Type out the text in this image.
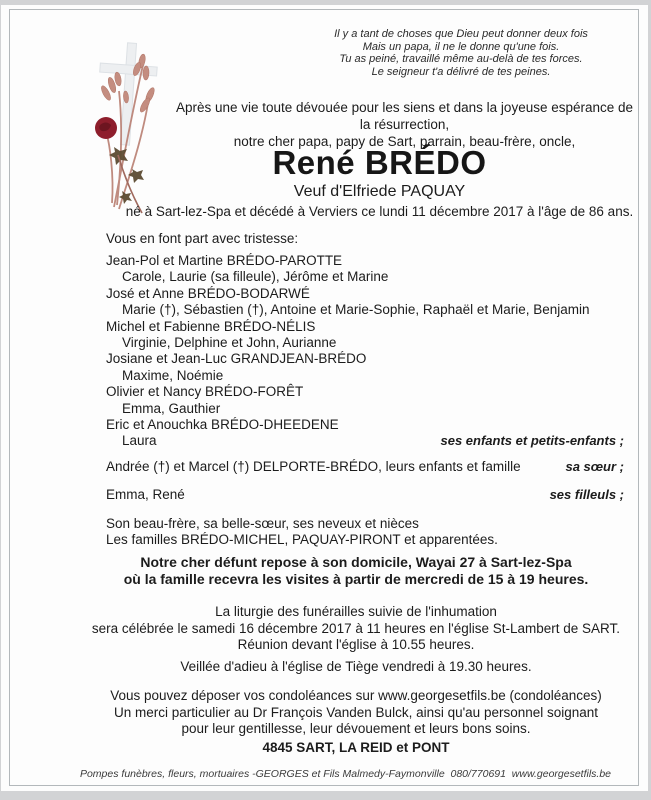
Il y a tant de choses que Dieu peut donner deux fois
Mais un papa, il ne le donne qu'une fois.
Tu as peiné, travaillé même au-delà de tes forces.
Le seigneur t'a délivré de tes peines.
Après une vie toute dévouée pour les siens et dans la joyeuse espérance de la résurrection,
notre cher papa, papy de Sart, parrain, beau-frère, oncle,
René BRÉDO
Veuf d'Elfriede PAQUAY
né à Sart-lez-Spa et décédé à Verviers ce lundi 11 décembre 2017 à l'âge de 86 ans.
Vous en font part avec tristesse:
Jean-Pol et Martine BRÉDO-PAROTTE
Carole, Laurie (sa filleule), Jérôme et Marine
José et Anne BRÉDO-BODARWÉ
Marie (†), Sébastien (†), Antoine et Marie-Sophie, Raphaël et Marie, Benjamin
Michel et Fabienne BRÉDO-NÉLIS
Virginie, Delphine et John, Aurianne
Josiane et Jean-Luc GRANDJEAN-BRÉDO
Maxime, Noémie
Olivier et Nancy BRÉDO-FORÊT
Emma, Gauthier
Eric et Anouchka BRÉDO-DHEEDENE
Laura	ses enfants et petits-enfants ;
Andrée (†) et Marcel (†) DELPORTE-BRÉDO, leurs enfants et famille	sa sœur ;
Emma, René	ses filleuls ;
Son beau-frère, sa belle-sœur, ses neveux et nièces
Les familles BRÉDO-MICHEL, PAQUAY-PIRONT et apparentées.
Notre cher défunt repose à son domicile, Wayai 27 à Sart-lez-Spa
où la famille recevra les visites à partir de mercredi de 15 à 19 heures.
La liturgie des funérailles suivie de l'inhumation
sera célébrée le samedi 16 décembre 2017 à 11 heures en l'église St-Lambert de SART.
Réunion devant l'église à 10.55 heures.
Veillée d'adieu à l'église de Tiège vendredi à 19.30 heures.
Vous pouvez déposer vos condoléances sur www.georgesetfils.be (condoléances)
Un merci particulier au Dr François Vanden Bulck, ainsi qu'au personnel soignant
pour leur gentillesse, leur dévouement et leurs bons soins.
4845 SART, LA REID et PONT
Pompes funèbres, fleurs, mortuaires -GEORGES et Fils Malmedy-Faymonville  080/770691  www.georgesetfils.be
